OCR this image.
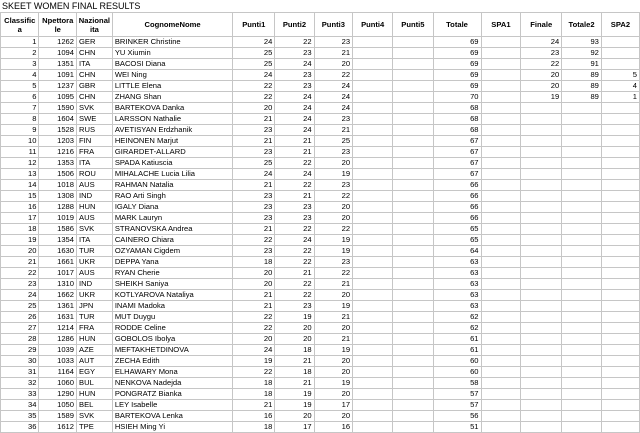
SKEET WOMEN FINAL RESULTS
Classific a	Npettora le	Nazional ita	CognomeNome	Punti1	Punti2	Punti3	Punti4	Punti5	Totale	SPA1	Finale	Totale2	SPA2
1	1262	GER	BRINKER Christine	24	22	23			69		24	93	
2	1094	CHN	YU Xiumin	25	23	21			69		23	92	
3	1351	ITA	BACOSI Diana	25	24	20			69		22	91	
4	1091	CHN	WEI Ning	24	23	22			69		20	89	5
5	1237	GBR	LITTLE Elena	22	23	24			69		20	89	4
6	1095	CHN	ZHANG Shan	22	24	24			70		19	89	1
7	1590	SVK	BARTEKOVA Danka	20	24	24			68				
8	1604	SWE	LARSSON Nathalie	21	24	23			68				
9	1528	RUS	AVETISYAN Erdzhanik	23	24	21			68				
10	1203	FIN	HEINONEN Marjut	21	21	25			67				
11	1216	FRA	GIRARDET-ALLARD	23	21	23			67				
12	1353	ITA	SPADA Katiuscia	25	22	20			67				
13	1506	ROU	MIHALACHE Lucia Lilia	24	24	19			67				
14	1018	AUS	RAHMAN Natalia	21	22	23			66				
15	1308	IND	RAO Arti Singh	23	21	22			66				
16	1288	HUN	IGALY Diana	23	23	20			66				
17	1019	AUS	MARK Lauryn	23	23	20			66				
18	1586	SVK	STRANOVSKA Andrea	21	22	22			65				
19	1354	ITA	CAINERO Chiara	22	24	19			65				
20	1630	TUR	OZYAMAN Cigdem	23	22	19			64				
21	1661	UKR	DEPPA Yana	18	22	23			63				
22	1017	AUS	RYAN Cherie	20	21	22			63				
23	1310	IND	SHEIKH Saniya	20	22	21			63				
24	1662	UKR	KOTLYAROVA Nataliya	21	22	20			63				
25	1361	JPN	INAMI Madoka	21	23	19			63				
26	1631	TUR	MUT Duygu	22	19	21			62				
27	1214	FRA	RODDE Celine	22	20	20			62				
28	1286	HUN	GOBOLOS Ibolya	20	20	21			61				
29	1039	AZE	MEFTAKHETDINOVA	24	18	19			61				
30	1033	AUT	ZECHA Edith	19	21	20			60				
31	1164	EGY	ELHAWARY Mona	22	18	20			60				
32	1060	BUL	NENKOVA Nadejda	18	21	19			58				
33	1290	HUN	PONGRATZ Bianka	18	19	20			57				
34	1050	BEL	LEY Isabelle	21	19	17			57				
35	1589	SVK	BARTEKOVA Lenka	16	20	20			56				
36	1612	TPE	HSIEH Ming Yi	18	17	16			51				
